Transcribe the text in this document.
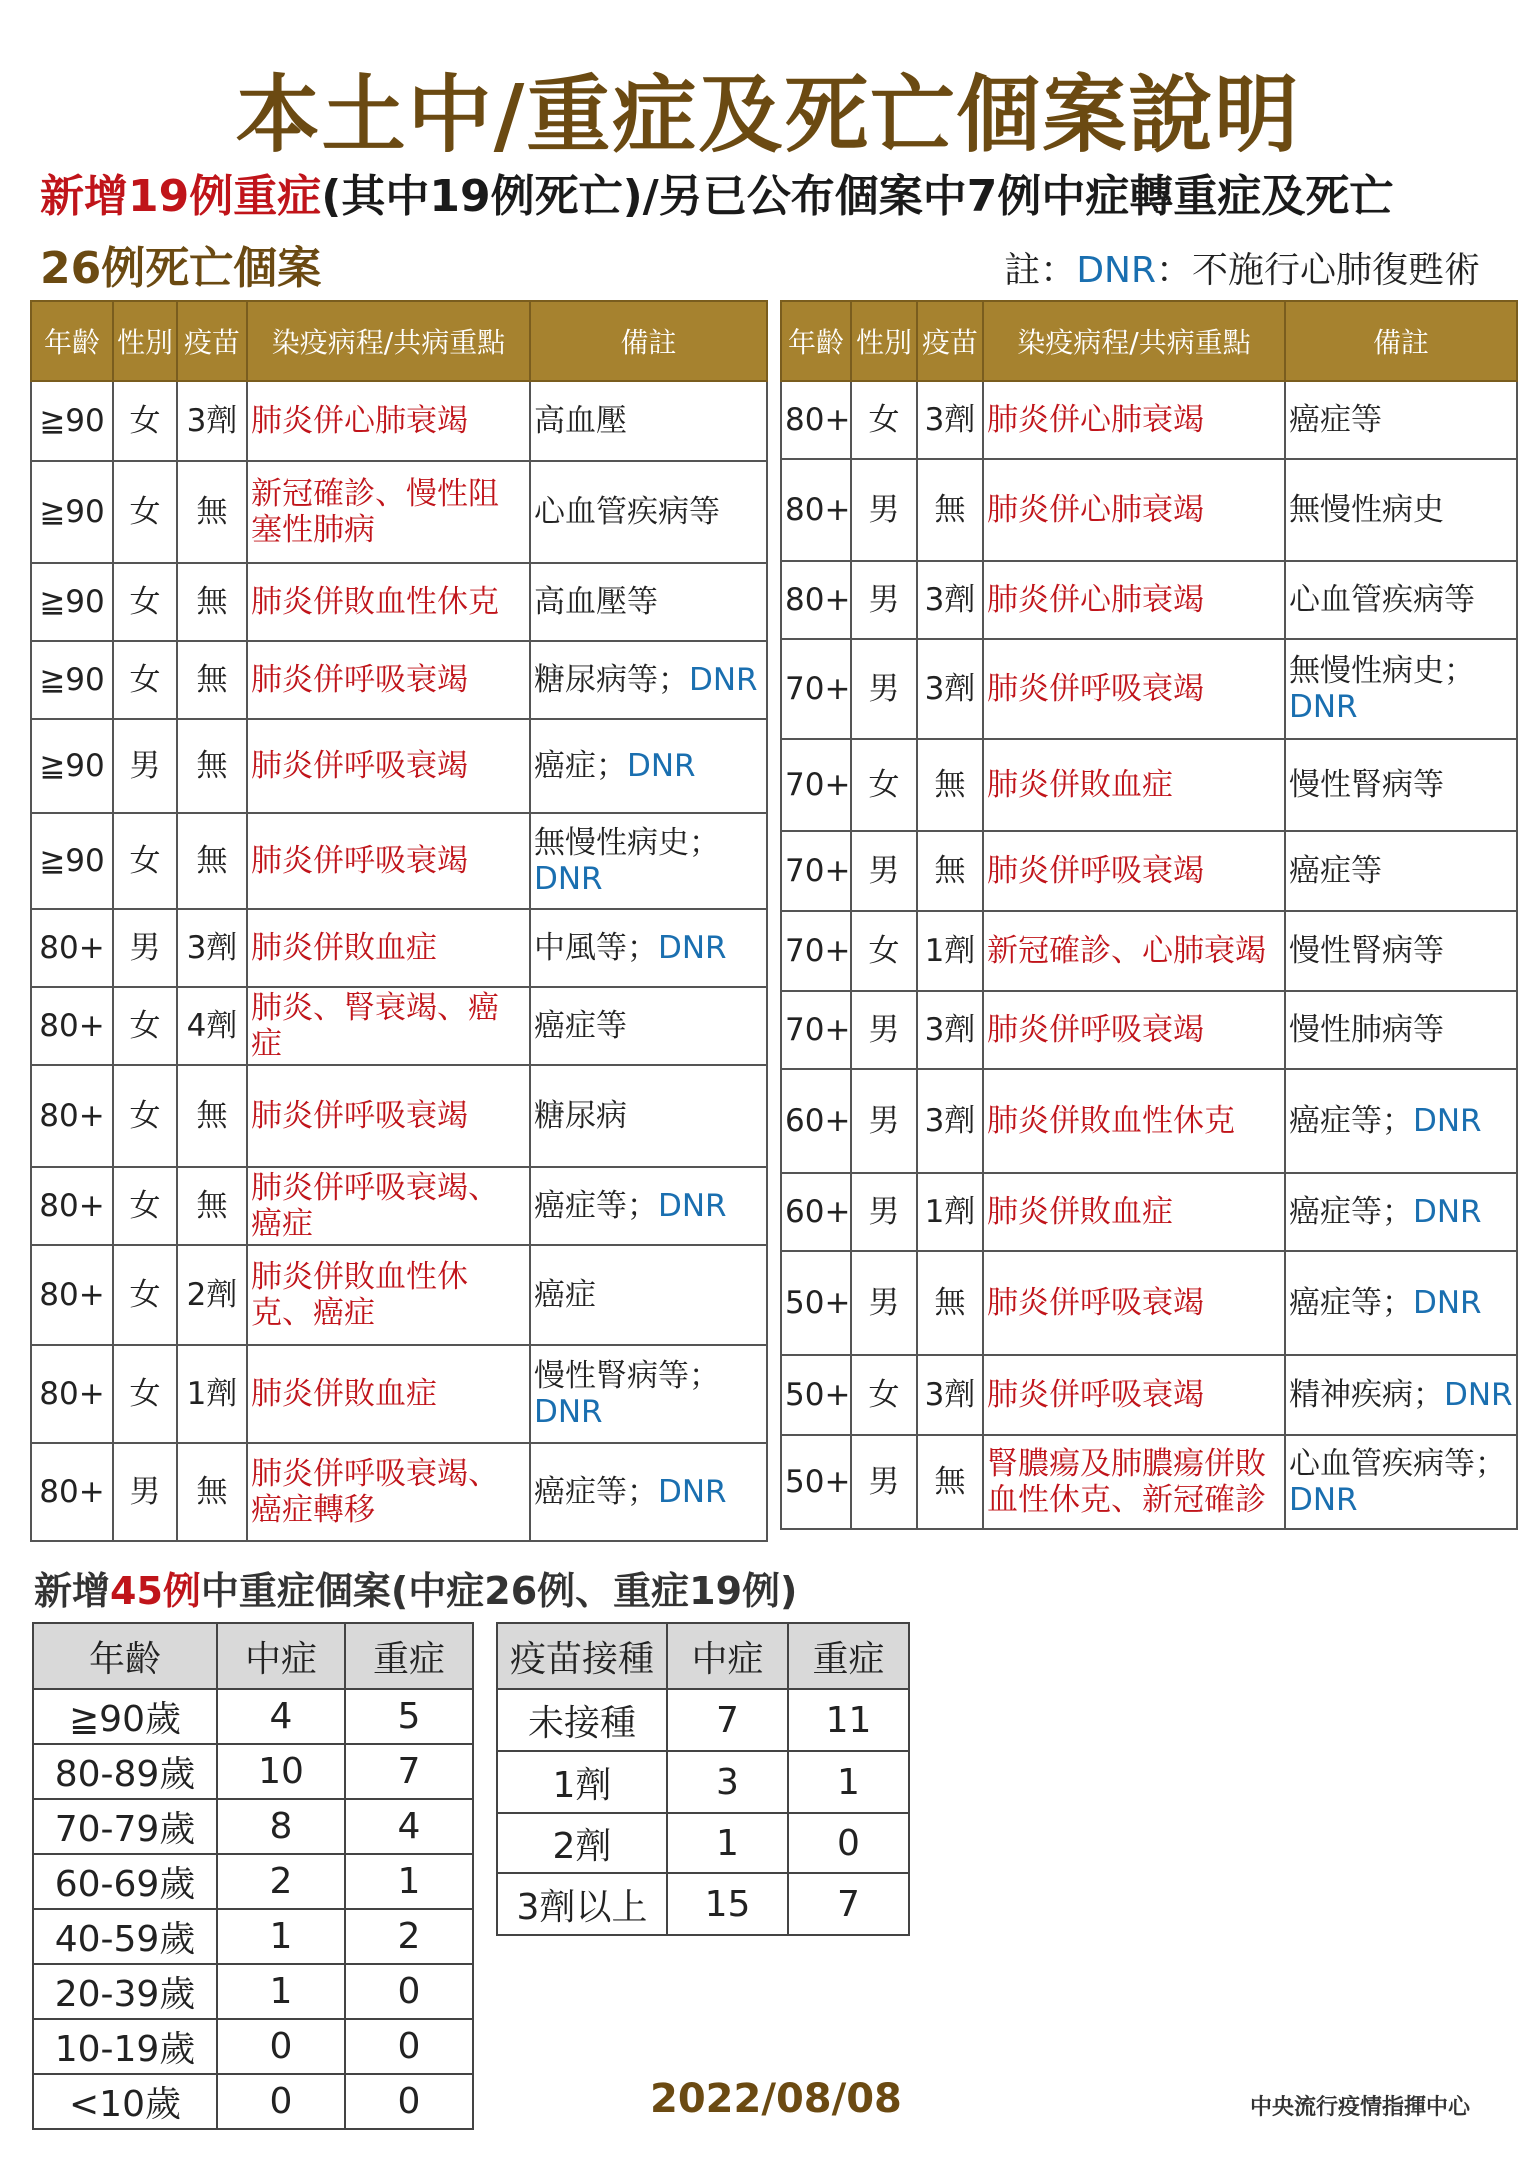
本土中/重症及死亡個案說明
新增19例重症(其中19例死亡)/另已公布個案中7例中症轉重症及死亡
26例死亡個案	註：DNR：不施行心肺復甦術
年齡	性別	疫苗	染疫病程/共病重點	備註
≧90	女	3劑	肺炎併心肺衰竭	高血壓
≧90	女	無	新冠確診、慢性阻塞性肺病	心血管疾病等
≧90	女	無	肺炎併敗血性休克	高血壓等
≧90	女	無	肺炎併呼吸衰竭	糖尿病等；DNR
≧90	男	無	肺炎併呼吸衰竭	癌症；DNR
≧90	女	無	肺炎併呼吸衰竭	無慢性病史；DNR
80+	男	3劑	肺炎併敗血症	中風等；DNR
80+	女	4劑	肺炎、腎衰竭、癌症	癌症等
80+	女	無	肺炎併呼吸衰竭	糖尿病
80+	女	無	肺炎併呼吸衰竭、癌症	癌症等；DNR
80+	女	2劑	肺炎併敗血性休克、癌症	癌症
80+	女	1劑	肺炎併敗血症	慢性腎病等；DNR
80+	男	無	肺炎併呼吸衰竭、癌症轉移	癌症等；DNR
年齡	性別	疫苗	染疫病程/共病重點	備註
80+	女	3劑	肺炎併心肺衰竭	癌症等
80+	男	無	肺炎併心肺衰竭	無慢性病史
80+	男	3劑	肺炎併心肺衰竭	心血管疾病等
70+	男	3劑	肺炎併呼吸衰竭	無慢性病史；DNR
70+	女	無	肺炎併敗血症	慢性腎病等
70+	男	無	肺炎併呼吸衰竭	癌症等
70+	女	1劑	新冠確診、心肺衰竭	慢性腎病等
70+	男	3劑	肺炎併呼吸衰竭	慢性肺病等
60+	男	3劑	肺炎併敗血性休克	癌症等；DNR
60+	男	1劑	肺炎併敗血症	癌症等；DNR
50+	男	無	肺炎併呼吸衰竭	癌症等；DNR
50+	女	3劑	肺炎併呼吸衰竭	精神疾病；DNR
50+	男	無	腎膿瘍及肺膿瘍併敗血性休克、新冠確診	心血管疾病等；DNR
新增45例中重症個案(中症26例、重症19例)
年齡	中症	重症
≧90歲	4	5
80-89歲	10	7
70-79歲	8	4
60-69歲	2	1
40-59歲	1	2
20-39歲	1	0
10-19歲	0	0
<10歲	0	0
疫苗接種	中症	重症
未接種	7	11
1劑	3	1
2劑	1	0
3劑以上	15	7
2022/08/08	中央流行疫情指揮中心
